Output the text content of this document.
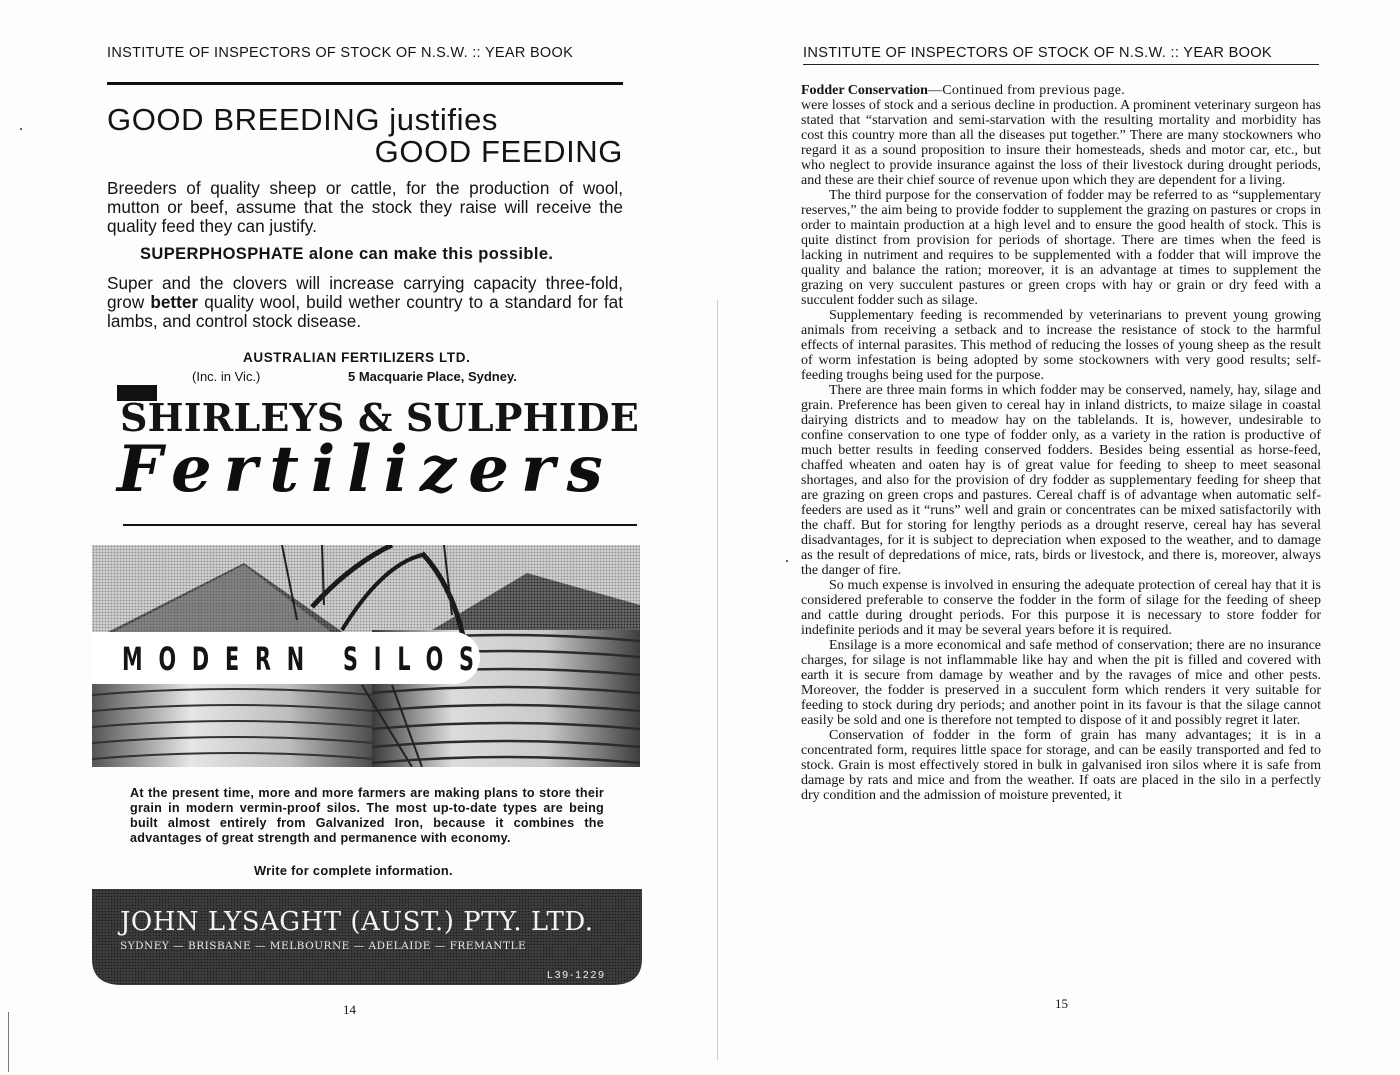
INSTITUTE OF INSPECTORS OF STOCK OF N.S.W. :: YEAR BOOK
GOOD BREEDING justifies
GOOD FEEDING
Breeders of quality sheep or cattle, for the production of wool, mutton or beef, assume that the stock they raise will receive the quality feed they can justify.
SUPERPHOSPHATE alone can make this possible.
Super and the clovers will increase carrying capacity three-fold, grow better quality wool, build wether country to a standard for fat lambs, and control stock disease.
AUSTRALIAN FERTILIZERS LTD.
(Inc. in Vic.)	5 Macquarie Place, Sydney.
SHIRLEYS & SULPHIDE
Fertilizers
MODERN SILOS
At the present time, more and more farmers are making plans to store their grain in modern vermin-proof silos. The most up-to-date types are being built almost entirely from Galvanized Iron, because it combines the advantages of great strength and permanence with economy.
Write for complete information.
JOHN LYSAGHT (AUST.) PTY. LTD.
SYDNEY — BRISBANE — MELBOURNE — ADELAIDE — FREMANTLE
L39-1229
14
INSTITUTE OF INSPECTORS OF STOCK OF N.S.W. :: YEAR BOOK

Fodder Conservation—Continued from previous page.

were losses of stock and a serious decline in production. A prominent veterinary surgeon has stated that “starvation and semi-starvation with the resulting mortality and morbidity has cost this country more than all the diseases put together.” There are many stockowners who regard it as a sound proposition to insure their homesteads, sheds and motor car, etc., but who neglect to provide insurance against the loss of their livestock during drought periods, and these are their chief source of revenue upon which they are dependent for a living.

The third purpose for the conservation of fodder may be referred to as “supplementary reserves,” the aim being to provide fodder to supplement the grazing on pastures or crops in order to maintain production at a high level and to ensure the good health of stock. This is quite distinct from provision for periods of shortage. There are times when the feed is lacking in nutriment and requires to be supplemented with a fodder that will improve the quality and balance the ration; moreover, it is an advantage at times to supplement the grazing on very succulent pastures or green crops with hay or grain or dry feed with a succulent fodder such as silage.

Supplementary feeding is recommended by veterinarians to prevent young growing animals from receiving a setback and to increase the resistance of stock to the harmful effects of internal parasites. This method of reducing the losses of young sheep as the result of worm infestation is being adopted by some stockowners with very good results; self-feeding troughs being used for the purpose.

There are three main forms in which fodder may be conserved, namely, hay, silage and grain. Preference has been given to cereal hay in inland districts, to maize silage in coastal dairying districts and to meadow hay on the tablelands. It is, however, undesirable to confine conservation to one type of fodder only, as a variety in the ration is productive of much better results in feeding conserved fodders. Besides being essential as horse-feed, chaffed wheaten and oaten hay is of great value for feeding to sheep to meet seasonal shortages, and also for the provision of dry fodder as supplementary feeding for sheep that are grazing on green crops and pastures. Cereal chaff is of advantage when automatic self-feeders are used as it “runs” well and grain or concentrates can be mixed satisfactorily with the chaff. But for storing for lengthy periods as a drought reserve, cereal hay has several disadvantages, for it is subject to depreciation when exposed to the weather, and to damage as the result of depredations of mice, rats, birds or livestock, and there is, moreover, always the danger of fire.

So much expense is involved in ensuring the adequate protection of cereal hay that it is considered preferable to conserve the fodder in the form of silage for the feeding of sheep and cattle during drought periods. For this purpose it is necessary to store fodder for indefinite periods and it may be several years before it is required.

Ensilage is a more economical and safe method of conservation; there are no insurance charges, for silage is not inflammable like hay and when the pit is filled and covered with earth it is secure from damage by weather and by the ravages of mice and other pests. Moreover, the fodder is preserved in a succulent form which renders it very suitable for feeding to stock during dry periods; and another point in its favour is that the silage cannot easily be sold and one is therefore not tempted to dispose of it and possibly regret it later.

Conservation of fodder in the form of grain has many advantages; it is in a concentrated form, requires little space for storage, and can be easily transported and fed to stock. Grain is most effectively stored in bulk in galvanised iron silos where it is safe from damage by rats and mice and from the weather. If oats are placed in the silo in a perfectly dry condition and the admission of moisture prevented, it

15
